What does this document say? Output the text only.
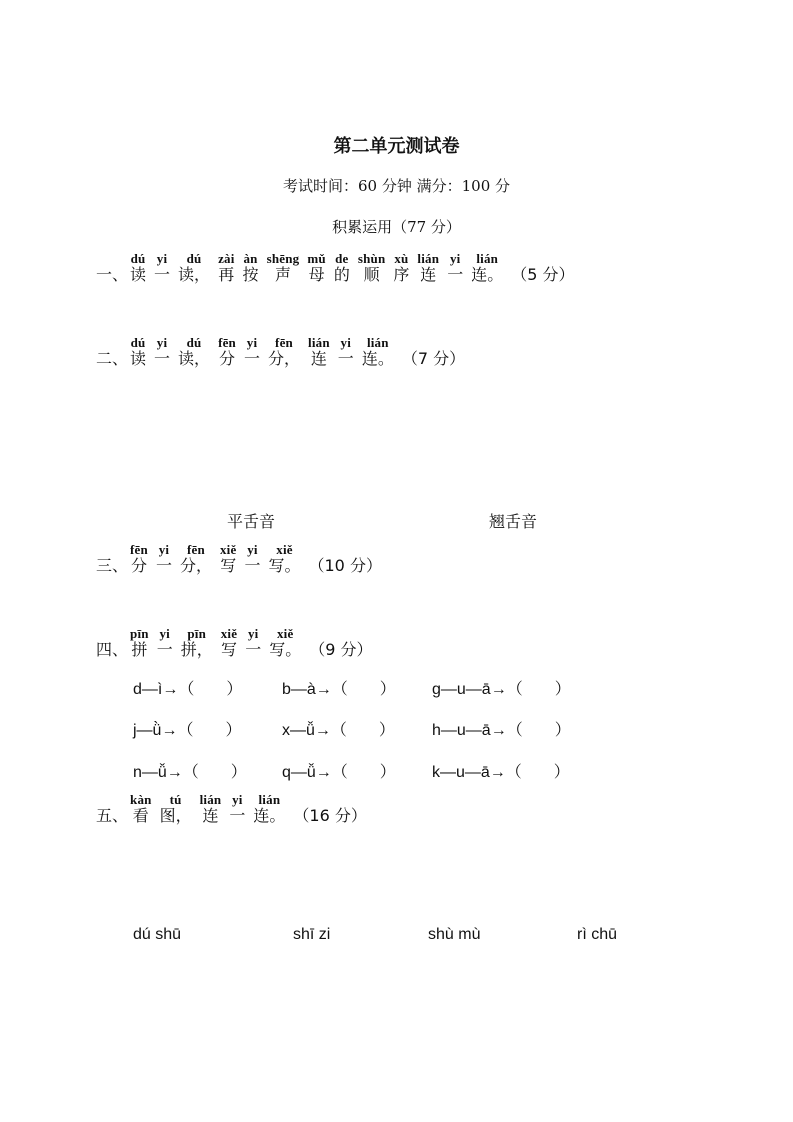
第二单元测试卷
考试时间：60 分钟 满分：100 分
积累运用（77 分）
一、
dú
读
yi
一
dú
读，
zài
再
àn
按
shēng
声
mǔ
母
de
的
shùn
顺
xù
序
lián
连
yi
一
lián
连。 （5 分）
二、
dú
读
yi
一
dú
读，
fēn
分
yi
一
fēn
分，
lián
连
yi
一
lián
连。 （7 分）
三、
fēn
分
yi
一
fēn
分，
xiě
写
yi
一
xiě
写。 （10 分）
四、
pīn
拼
yi
一
pīn
拼，
xiě
写
yi
一
xiě
写。 （9 分）
五、
kàn
看
tú
图，
lián
连
yi
一
lián
连。 （16 分）
平舌音	翘舌音
d—ì→（　　） b—à→（　　） g—u—ā→（　　）
j—ǜ→（　　）	x—ǚ→（　　） h—u—ā→（　　）
n—ǚ→（　　） q—ǚ→（　　） k—u—ā→（　　）
dú shū	shī zi	shù mù	rì chū
